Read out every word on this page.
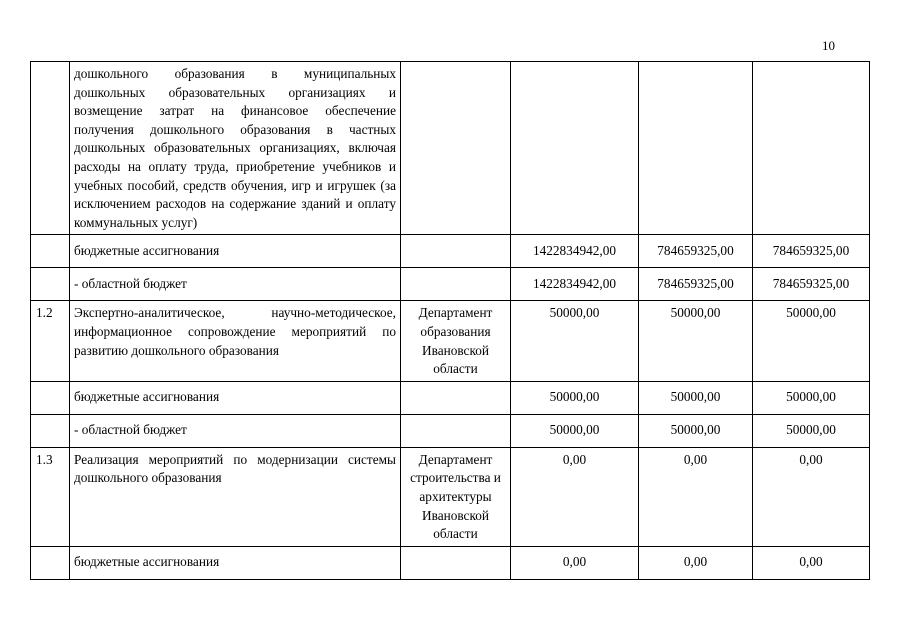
10
	дошкольного образования в муниципальных дошкольных образовательных организациях и возмещение затрат на финансовое обеспечение получения дошкольного образования в частных дошкольных образовательных организациях, включая расходы на оплату труда, приобретение учебников и учебных пособий, средств обучения, игр и игрушек (за исключением расходов на содержание зданий и оплату коммунальных услуг)				
	бюджетные ассигнования		1422834942,00	784659325,00	784659325,00
	- областной бюджет		1422834942,00	784659325,00	784659325,00
1.2	Экспертно-аналитическое, научно-методическое, информационное сопровождение мероприятий по развитию дошкольного образования	Департамент образования Ивановской области	50000,00	50000,00	50000,00
	бюджетные ассигнования		50000,00	50000,00	50000,00
	- областной бюджет		50000,00	50000,00	50000,00
1.3	Реализация мероприятий по модернизации системы дошкольного образования	Департамент строительства и архитектуры Ивановской области	0,00	0,00	0,00
	бюджетные ассигнования		0,00	0,00	0,00
